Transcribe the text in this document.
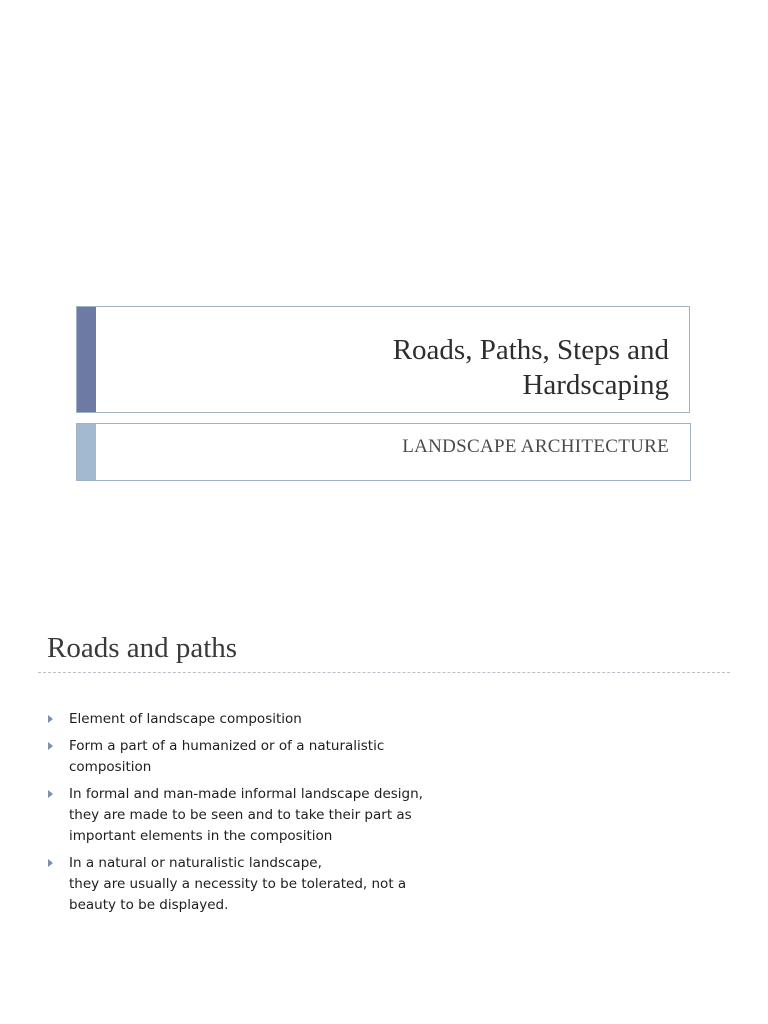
Roads, Paths, Steps and
Hardscaping
LANDSCAPE ARCHITECTURE
Roads and paths
Element of landscape composition
Form a part of a humanized or of a naturalistic
composition
In formal and man-made informal landscape design,
they are made to be seen and to take their part as
important elements in the composition
In a natural or naturalistic landscape,
they are usually a necessity to be tolerated, not a
beauty to be displayed.
